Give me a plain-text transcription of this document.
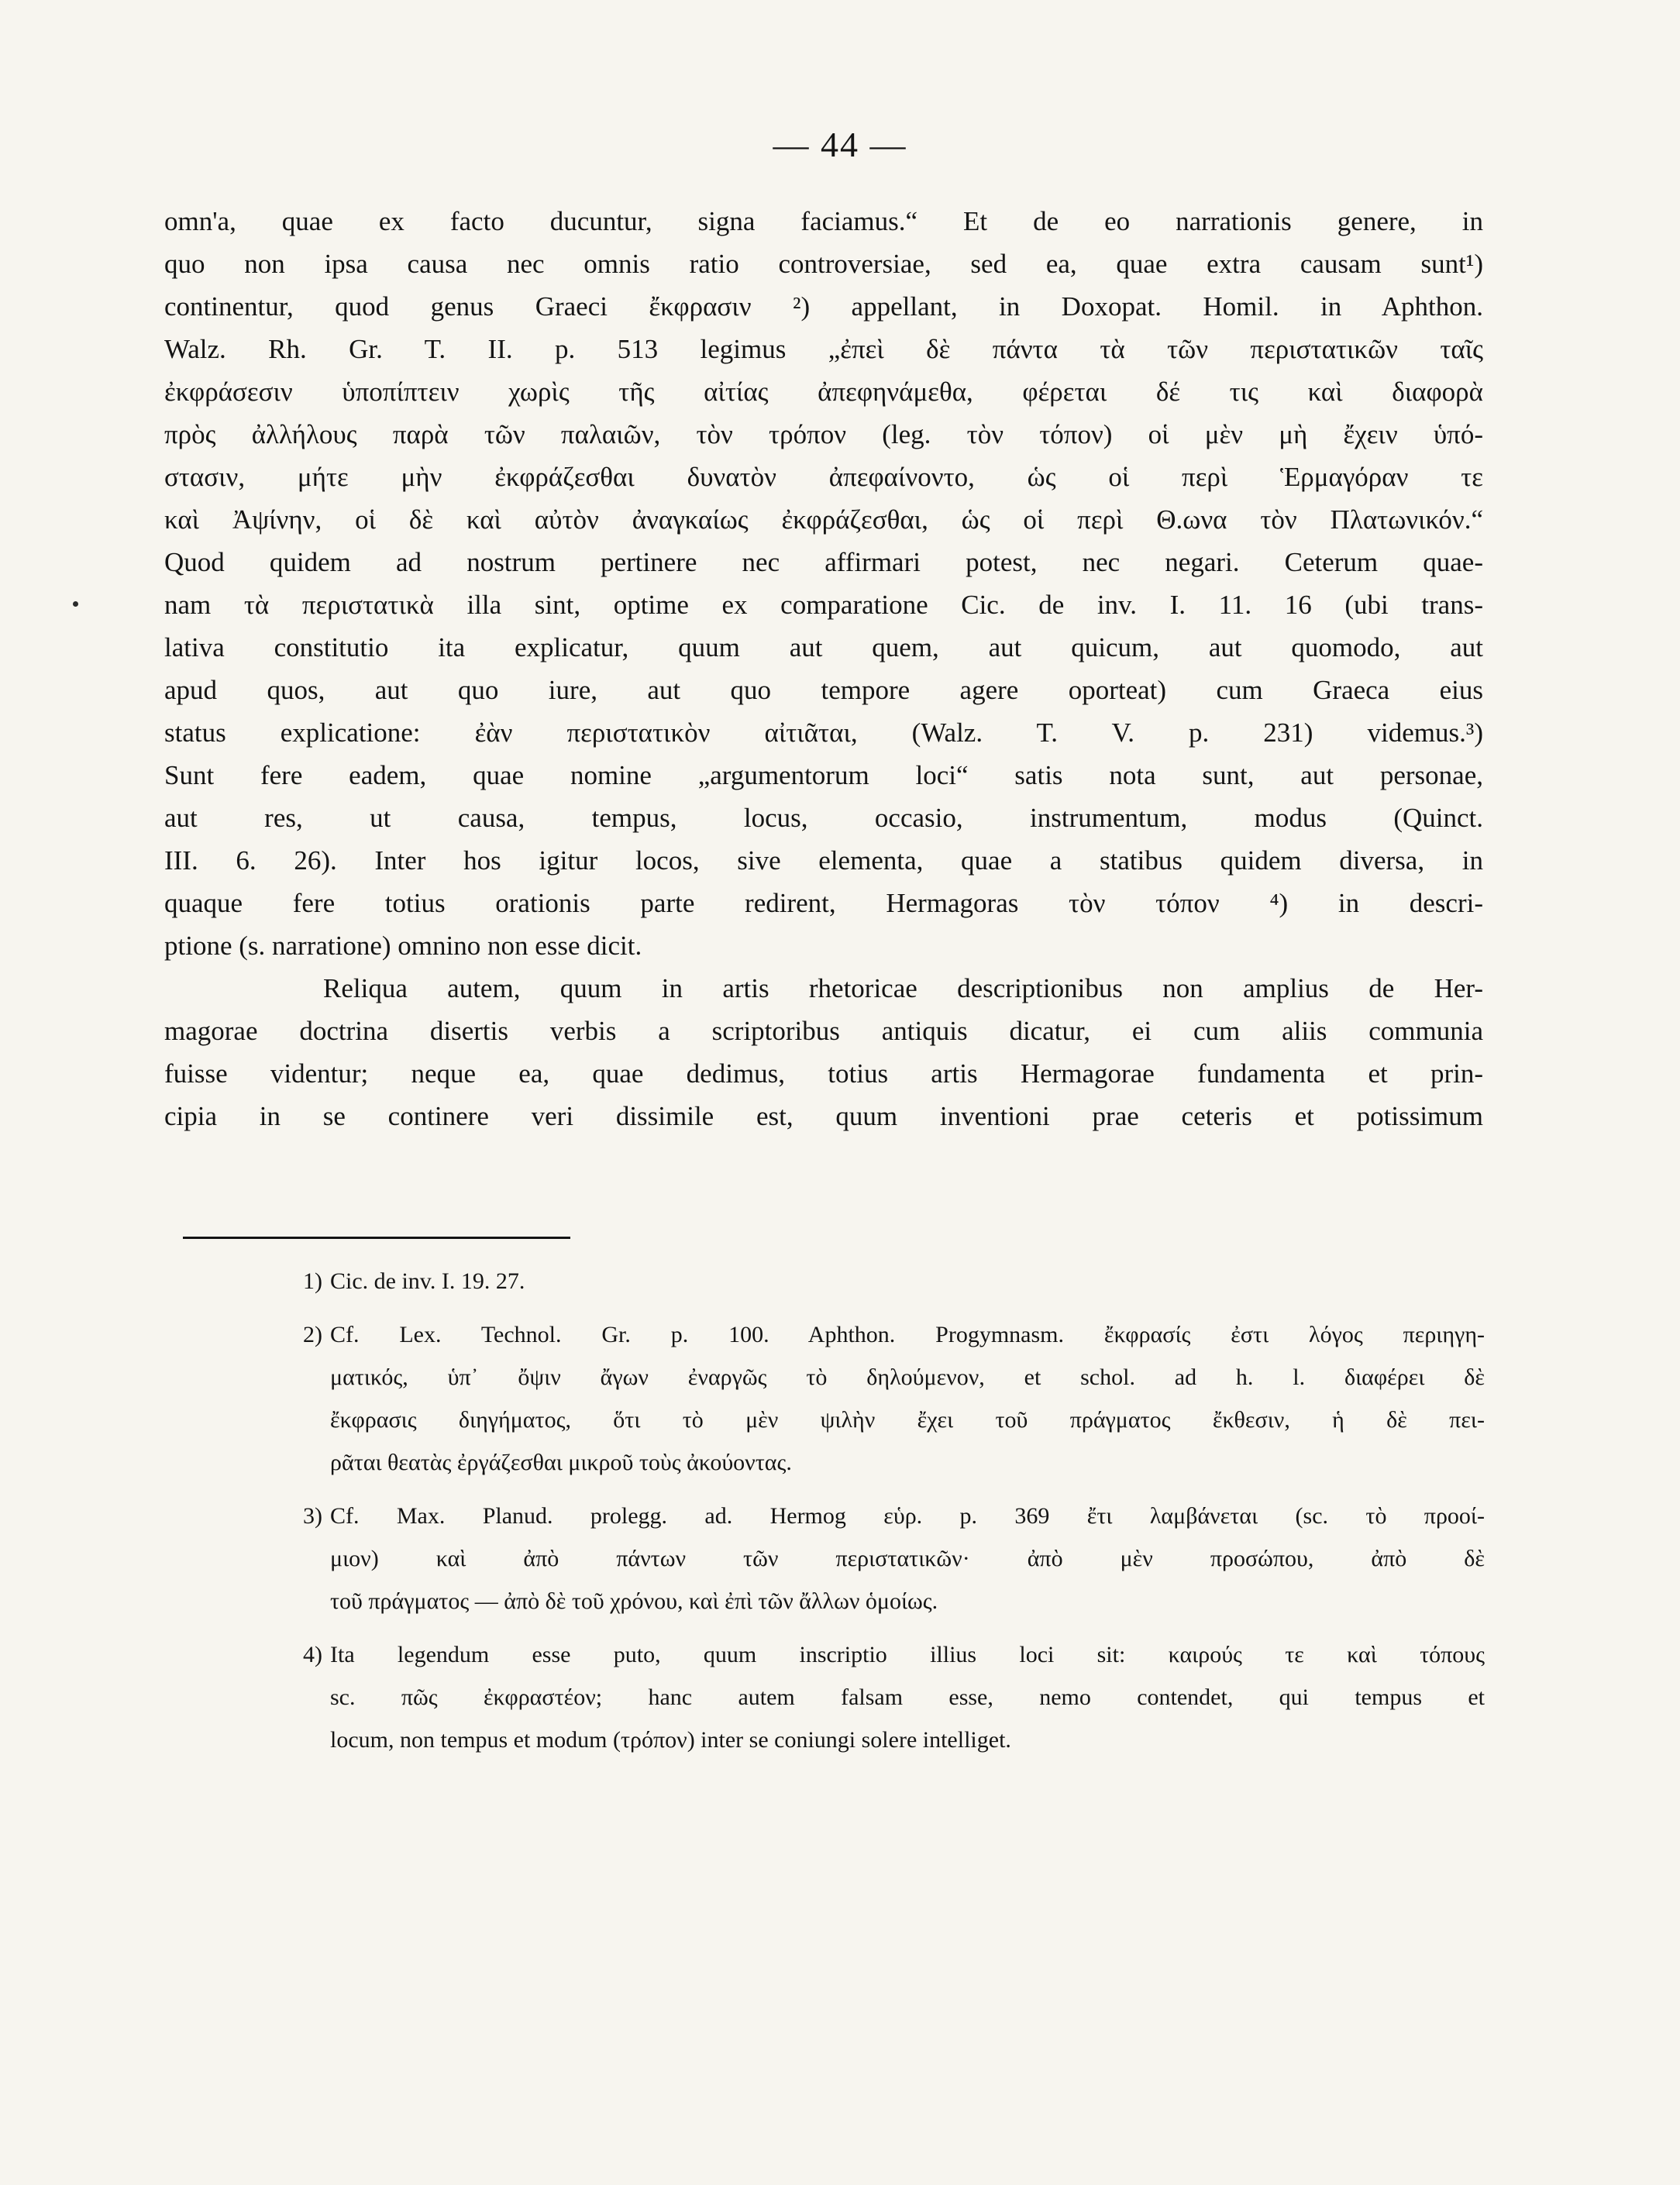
— 44 —
omn'a, quae ex facto ducuntur, signa faciamus.“ Et de eo narrationis genere, in
quo non ipsa causa nec omnis ratio controversiae, sed ea, quae extra causam sunt¹)
continentur, quod genus Graeci ἔκφρασιν ²) appellant, in Doxopat. Homil. in Aphthon.
Walz. Rh. Gr. T. II. p. 513 legimus „ἐπεὶ δὲ πάντα τὰ τῶν περιστατικῶν ταῖς
ἐκφράσεσιν ὑποπίπτειν χωρὶς τῆς αἰτίας ἀπεφηνάμεθα, φέρεται δέ τις καὶ διαφορὰ
πρὸς ἀλλήλους παρὰ τῶν παλαιῶν, τὸν τρόπον (leg. τὸν τόπον) οἱ μὲν μὴ ἔχειν ὑπό-
στασιν, μήτε μὴν ἐκφράζεσθαι δυνατὸν ἀπεφαίνοντο, ὡς οἱ περὶ Ἑρμαγόραν τε
καὶ Ἀψίνην, οἱ δὲ καὶ αὐτὸν ἀναγκαίως ἐκφράζεσθαι, ὡς οἱ περὶ Θ.ωνα τὸν Πλατωνικόν.“
Quod quidem ad nostrum pertinere nec affirmari potest, nec negari. Ceterum quae-
nam τὰ περιστατικὰ illa sint, optime ex comparatione Cic. de inv. I. 11. 16 (ubi trans-
lativa constitutio ita explicatur, quum aut quem, aut quicum, aut quomodo, aut
apud quos, aut quo iure, aut quo tempore agere oporteat) cum Graeca eius
status explicatione: ἐὰν περιστατικὸν αἰτιᾶται, (Walz. T. V. p. 231) videmus.³)
Sunt fere eadem, quae nomine „argumentorum loci“ satis nota sunt, aut personae,
aut res, ut causa, tempus, locus, occasio, instrumentum, modus (Quinct.
III. 6. 26). Inter hos igitur locos, sive elementa, quae a statibus quidem diversa, in
quaque fere totius orationis parte redirent, Hermagoras τὸν τόπον ⁴) in descri-
ptione (s. narratione) omnino non esse dicit.
Reliqua autem, quum in artis rhetoricae descriptionibus non amplius de Her-
magorae doctrina disertis verbis a scriptoribus antiquis dicatur, ei cum aliis communia
fuisse videntur; neque ea, quae dedimus, totius artis Hermagorae fundamenta et prin-
cipia in se continere veri dissimile est, quum inventioni prae ceteris et potissimum
1) Cic. de inv. I. 19. 27.
2) Cf. Lex. Technol. Gr. p. 100. Aphthon. Progymnasm. ἔκφρασίς ἐστι λόγος περιηγη-
ματικός, ὑπ᾽ ὄψιν ἄγων ἐναργῶς τὸ δηλούμενον, et schol. ad h. l. διαφέρει δὲ
ἔκφρασις διηγήματος, ὅτι τὸ μὲν ψιλὴν ἔχει τοῦ πράγματος ἔκθεσιν, ἡ δὲ πει-
ρᾶται θεατὰς ἐργάζεσθαι μικροῦ τοὺς ἀκούοντας.
3) Cf. Max. Planud. prolegg. ad. Hermog εὑρ. p. 369 ἔτι λαμβάνεται (sc. τὸ προοί-
μιον) καὶ ἀπὸ πάντων τῶν περιστατικῶν· ἀπὸ μὲν προσώπου, ἀπὸ δὲ
τοῦ πράγματος — ἀπὸ δὲ τοῦ χρόνου, καὶ ἐπὶ τῶν ἄλλων ὁμοίως.
4) Ita legendum esse puto, quum inscriptio illius loci sit: καιρούς τε καὶ τόπους
sc. πῶς ἐκφραστέον; hanc autem falsam esse, nemo contendet, qui tempus et
locum, non tempus et modum (τρόπον) inter se coniungi solere intelliget.
